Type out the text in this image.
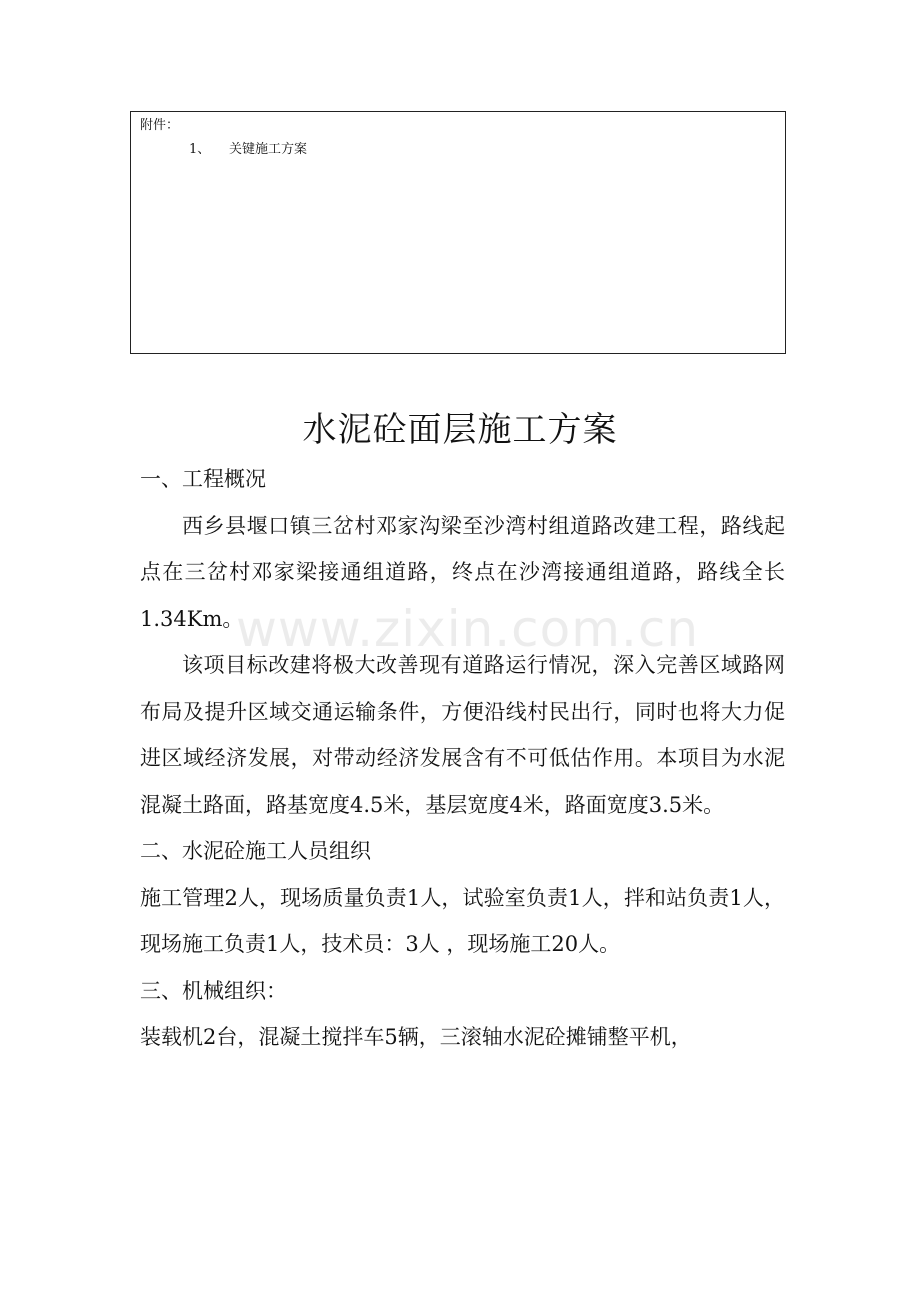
附件：
1、 关键施工方案
水泥砼面层施工方案

一、工程概况

西乡县堰口镇三岔村邓家沟梁至沙湾村组道路改建工程，路线起点在三岔村邓家梁接通组道路，终点在沙湾接通组道路，路线全长1.34Km。

该项目标改建将极大改善现有道路运行情况，深入完善区域路网布局及提升区域交通运输条件，方便沿线村民出行，同时也将大力促进区域经济发展，对带动经济发展含有不可低估作用。本项目为水泥混凝土路面，路基宽度4.5米，基层宽度4米，路面宽度3.5米。

二、水泥砼施工人员组织

施工管理2人，现场质量负责1人，试验室负责1人，拌和站负责1人，现场施工负责1人，技术员：3人 ，现场施工20人。

三、机械组织：

装载机2台，混凝土搅拌车5辆，三滚轴水泥砼摊铺整平机，

www.zixin.com.cn
